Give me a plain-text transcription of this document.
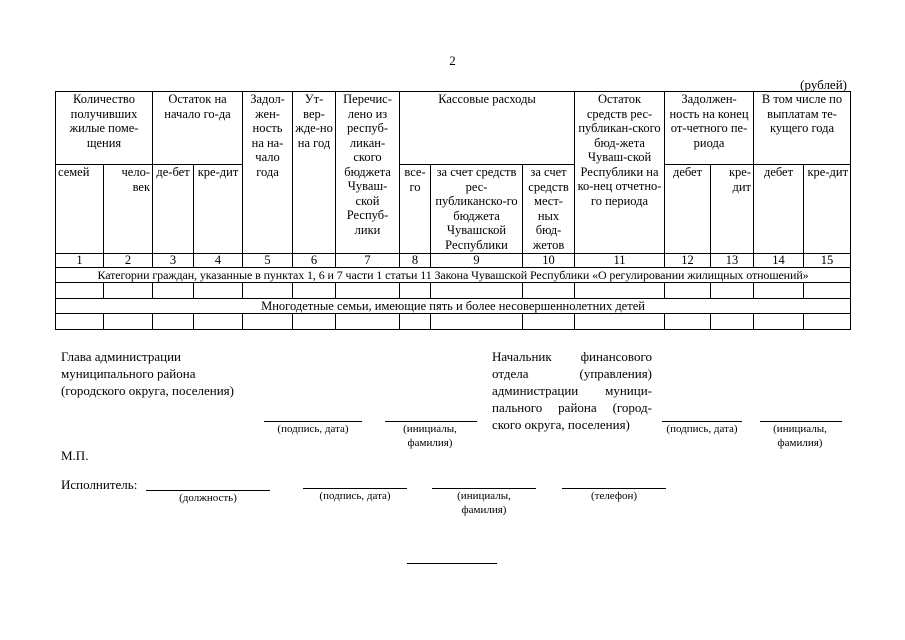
2
(рублей)
Количество получивших жилые поме-щения		Остаток на начало го-да		Задол-жен-ность на на-чало года	Ут-вер-жде-но на год	Перечис-лено из респуб-ликан-ского бюджета Чуваш-ской Респуб-лики	Кассовые расходы			Остаток средств рес-публикан-ского бюд-жета Чуваш-ской Республики на ко-нец отчетно-го периода	Задолжен-ность на конец от-четного пе-риода		В том числе по выплатам те-кущего года	
семей	чело-век	де-бет	кре-дит				все-го	за счет средств рес-публиканско-го бюджета Чувашской Республики	за счет средств мест-ных бюд-жетов		дебет	кре-дит	дебет	кре-дит
1	2	3	4	5	6	7	8	9	10	11	12	13	14	15
Категории граждан, указанные в пунктах 1, 6 и 7 части 1 статьи 11 Закона Чувашской Республики «О регулировании жилищных отношений»														

Многодетные семьи, имеющие пять и более несовершеннолетних детей														

Глава администрации муниципального района (городского округа, поселения)
(подпись, дата)	(инициалы,
фамилия)
Начальник финансового отдела (управления) администрации муници-пального района (город-ского округа, поселения)	(подпись, дата)	(инициалы,
фамилия)
М.П.
Исполнитель:
(должность)	(подпись, дата)	(инициалы,
фамилия)
(телефон)
